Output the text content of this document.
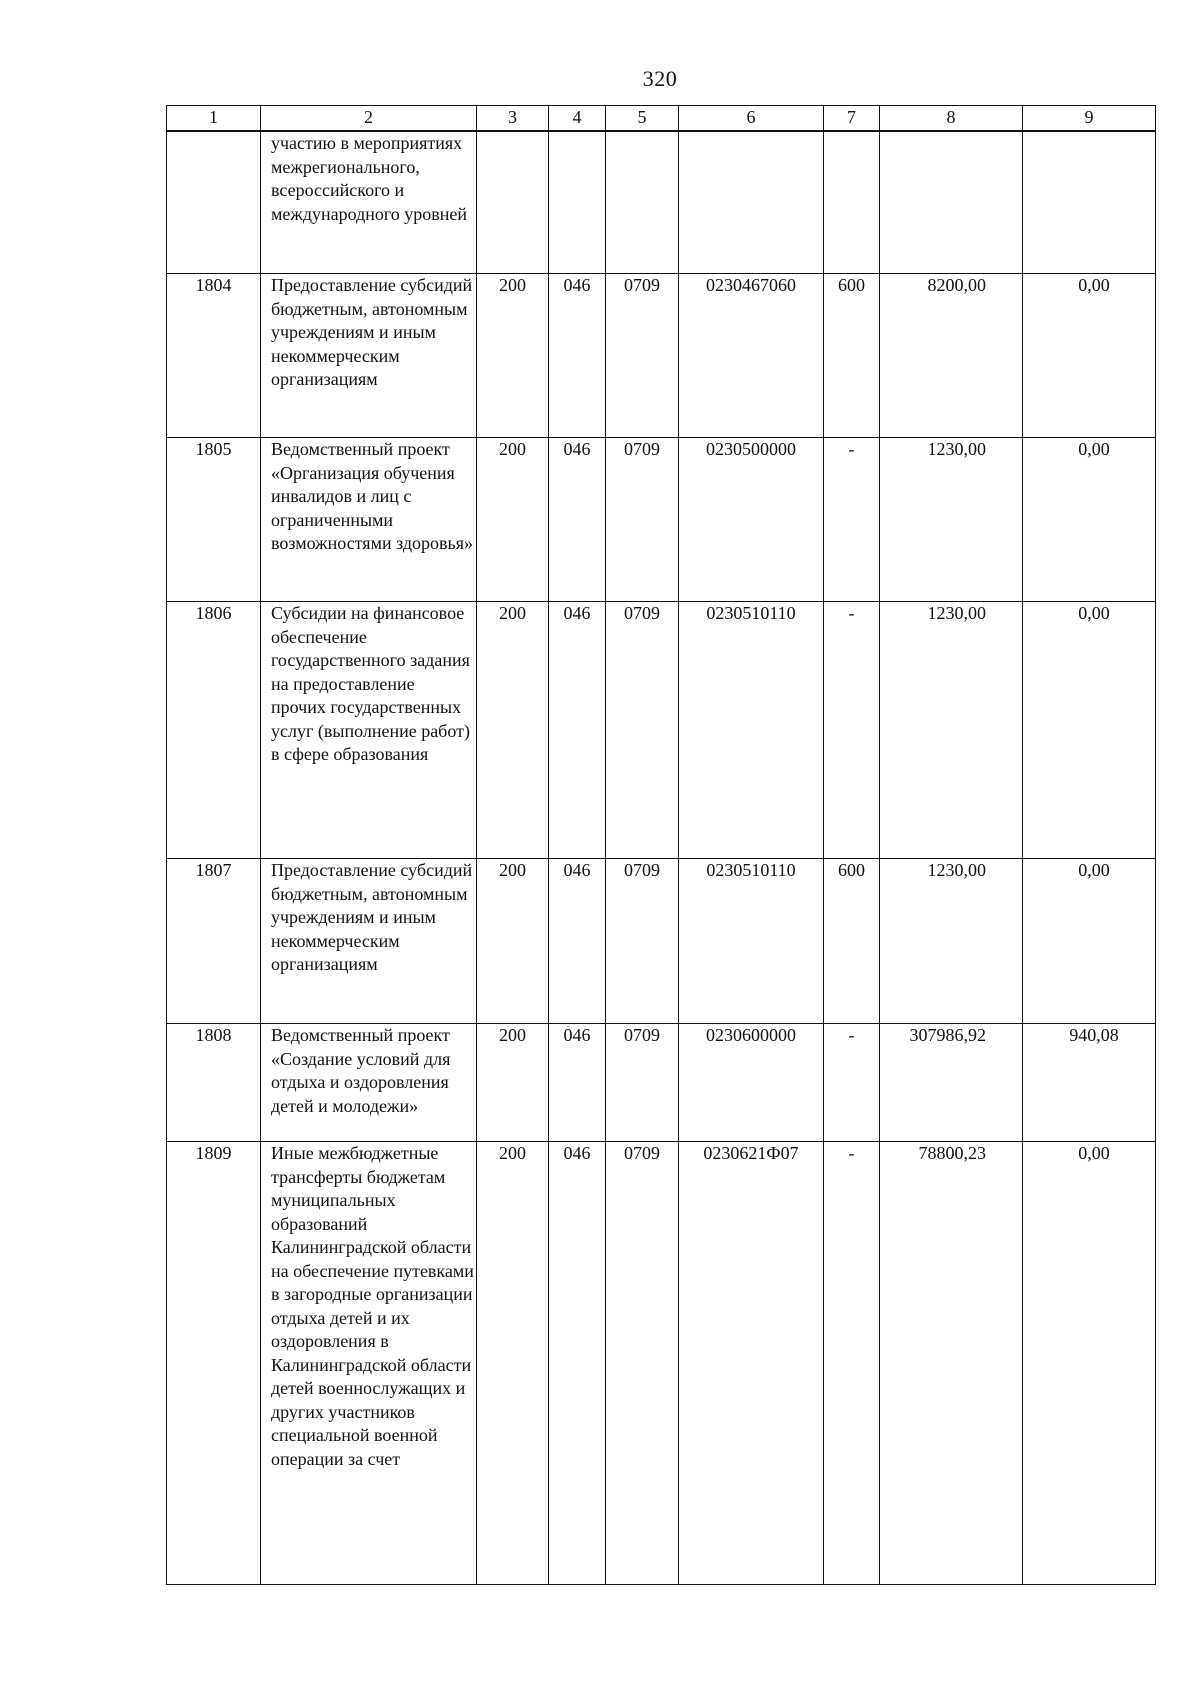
320
1	2	3	4	5	6	7	8	9
	участию в мероприятиях межрегионального, всероссийского и международного уровней							
1804	Предоставление субсидий бюджетным, автономным учреждениям и иным некоммерческим организациям	200	046	0709	0230467060	600	8200,00	0,00
1805	Ведомственный проект «Организация обучения инвалидов и лиц с ограниченными возможностями здоровья»	200	046	0709	0230500000	-	1230,00	0,00
1806	Субсидии на финансовое обеспечение государственного задания на предоставление прочих государственных услуг (выполнение работ) в сфере образования	200	046	0709	0230510110	-	1230,00	0,00
1807	Предоставление субсидий бюджетным, автономным учреждениям и иным некоммерческим организациям	200	046	0709	0230510110	600	1230,00	0,00
1808	Ведомственный проект «Создание условий для отдыха и оздоровления детей и молодежи»	200	046	0709	0230600000	-	307986,92	940,08
1809	Иные межбюджетные трансферты бюджетам муниципальных образований Калининградской области на обеспечение путевками в загородные организации отдыха детей и их оздоровления в Калининградской области детей военнослужащих и других участников специальной военной операции за счет	200	046	0709	0230621Ф07	-	78800,23	0,00
